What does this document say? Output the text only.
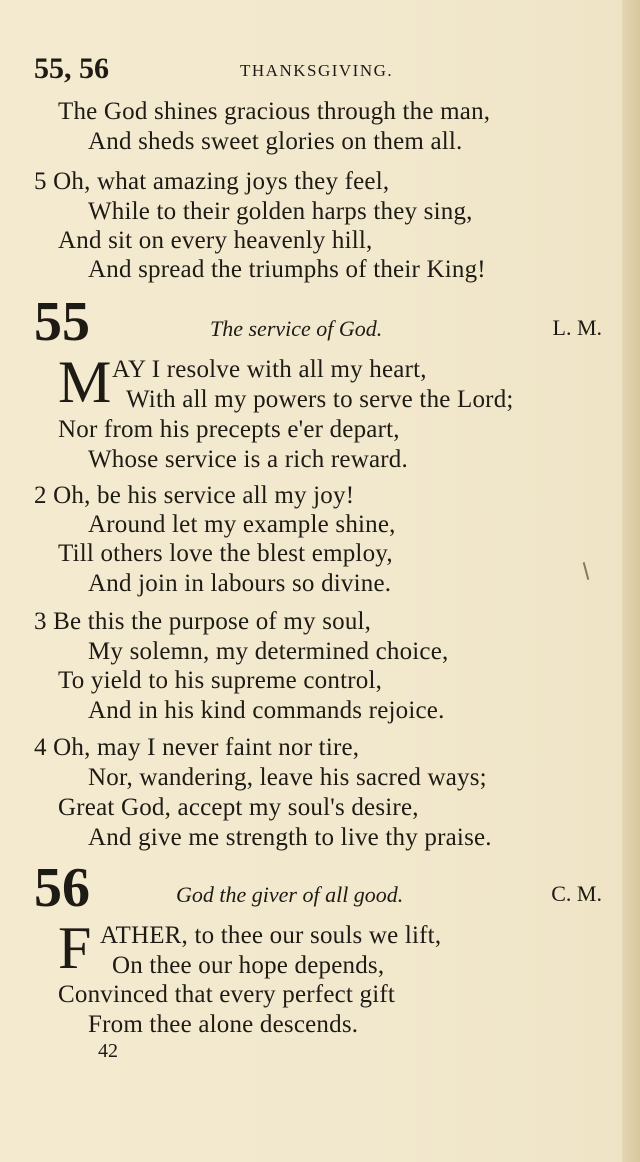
55, 56	THANKSGIVING.
The God shines gracious through the man,
And sheds sweet glories on them all.
5 Oh, what amazing joys they feel,
While to their golden harps they sing,
And sit on every heavenly hill,
And spread the triumphs of their King!
55	The service of God.	L. M.
M AY I resolve with all my heart,
With all my powers to serve the Lord;
Nor from his precepts e'er depart,
Whose service is a rich reward.
2 Oh, be his service all my joy!
Around let my example shine,
Till others love the blest employ,
And join in labours so divine.
3 Be this the purpose of my soul,
My solemn, my determined choice,
To yield to his supreme control,
And in his kind commands rejoice.
4 Oh, may I never faint nor tire,
Nor, wandering, leave his sacred ways;
Great God, accept my soul's desire,
And give me strength to live thy praise.
56	God the giver of all good.	C. M.
F ATHER, to thee our souls we lift,
On thee our hope depends,
Convinced that every perfect gift
From thee alone descends.
42
